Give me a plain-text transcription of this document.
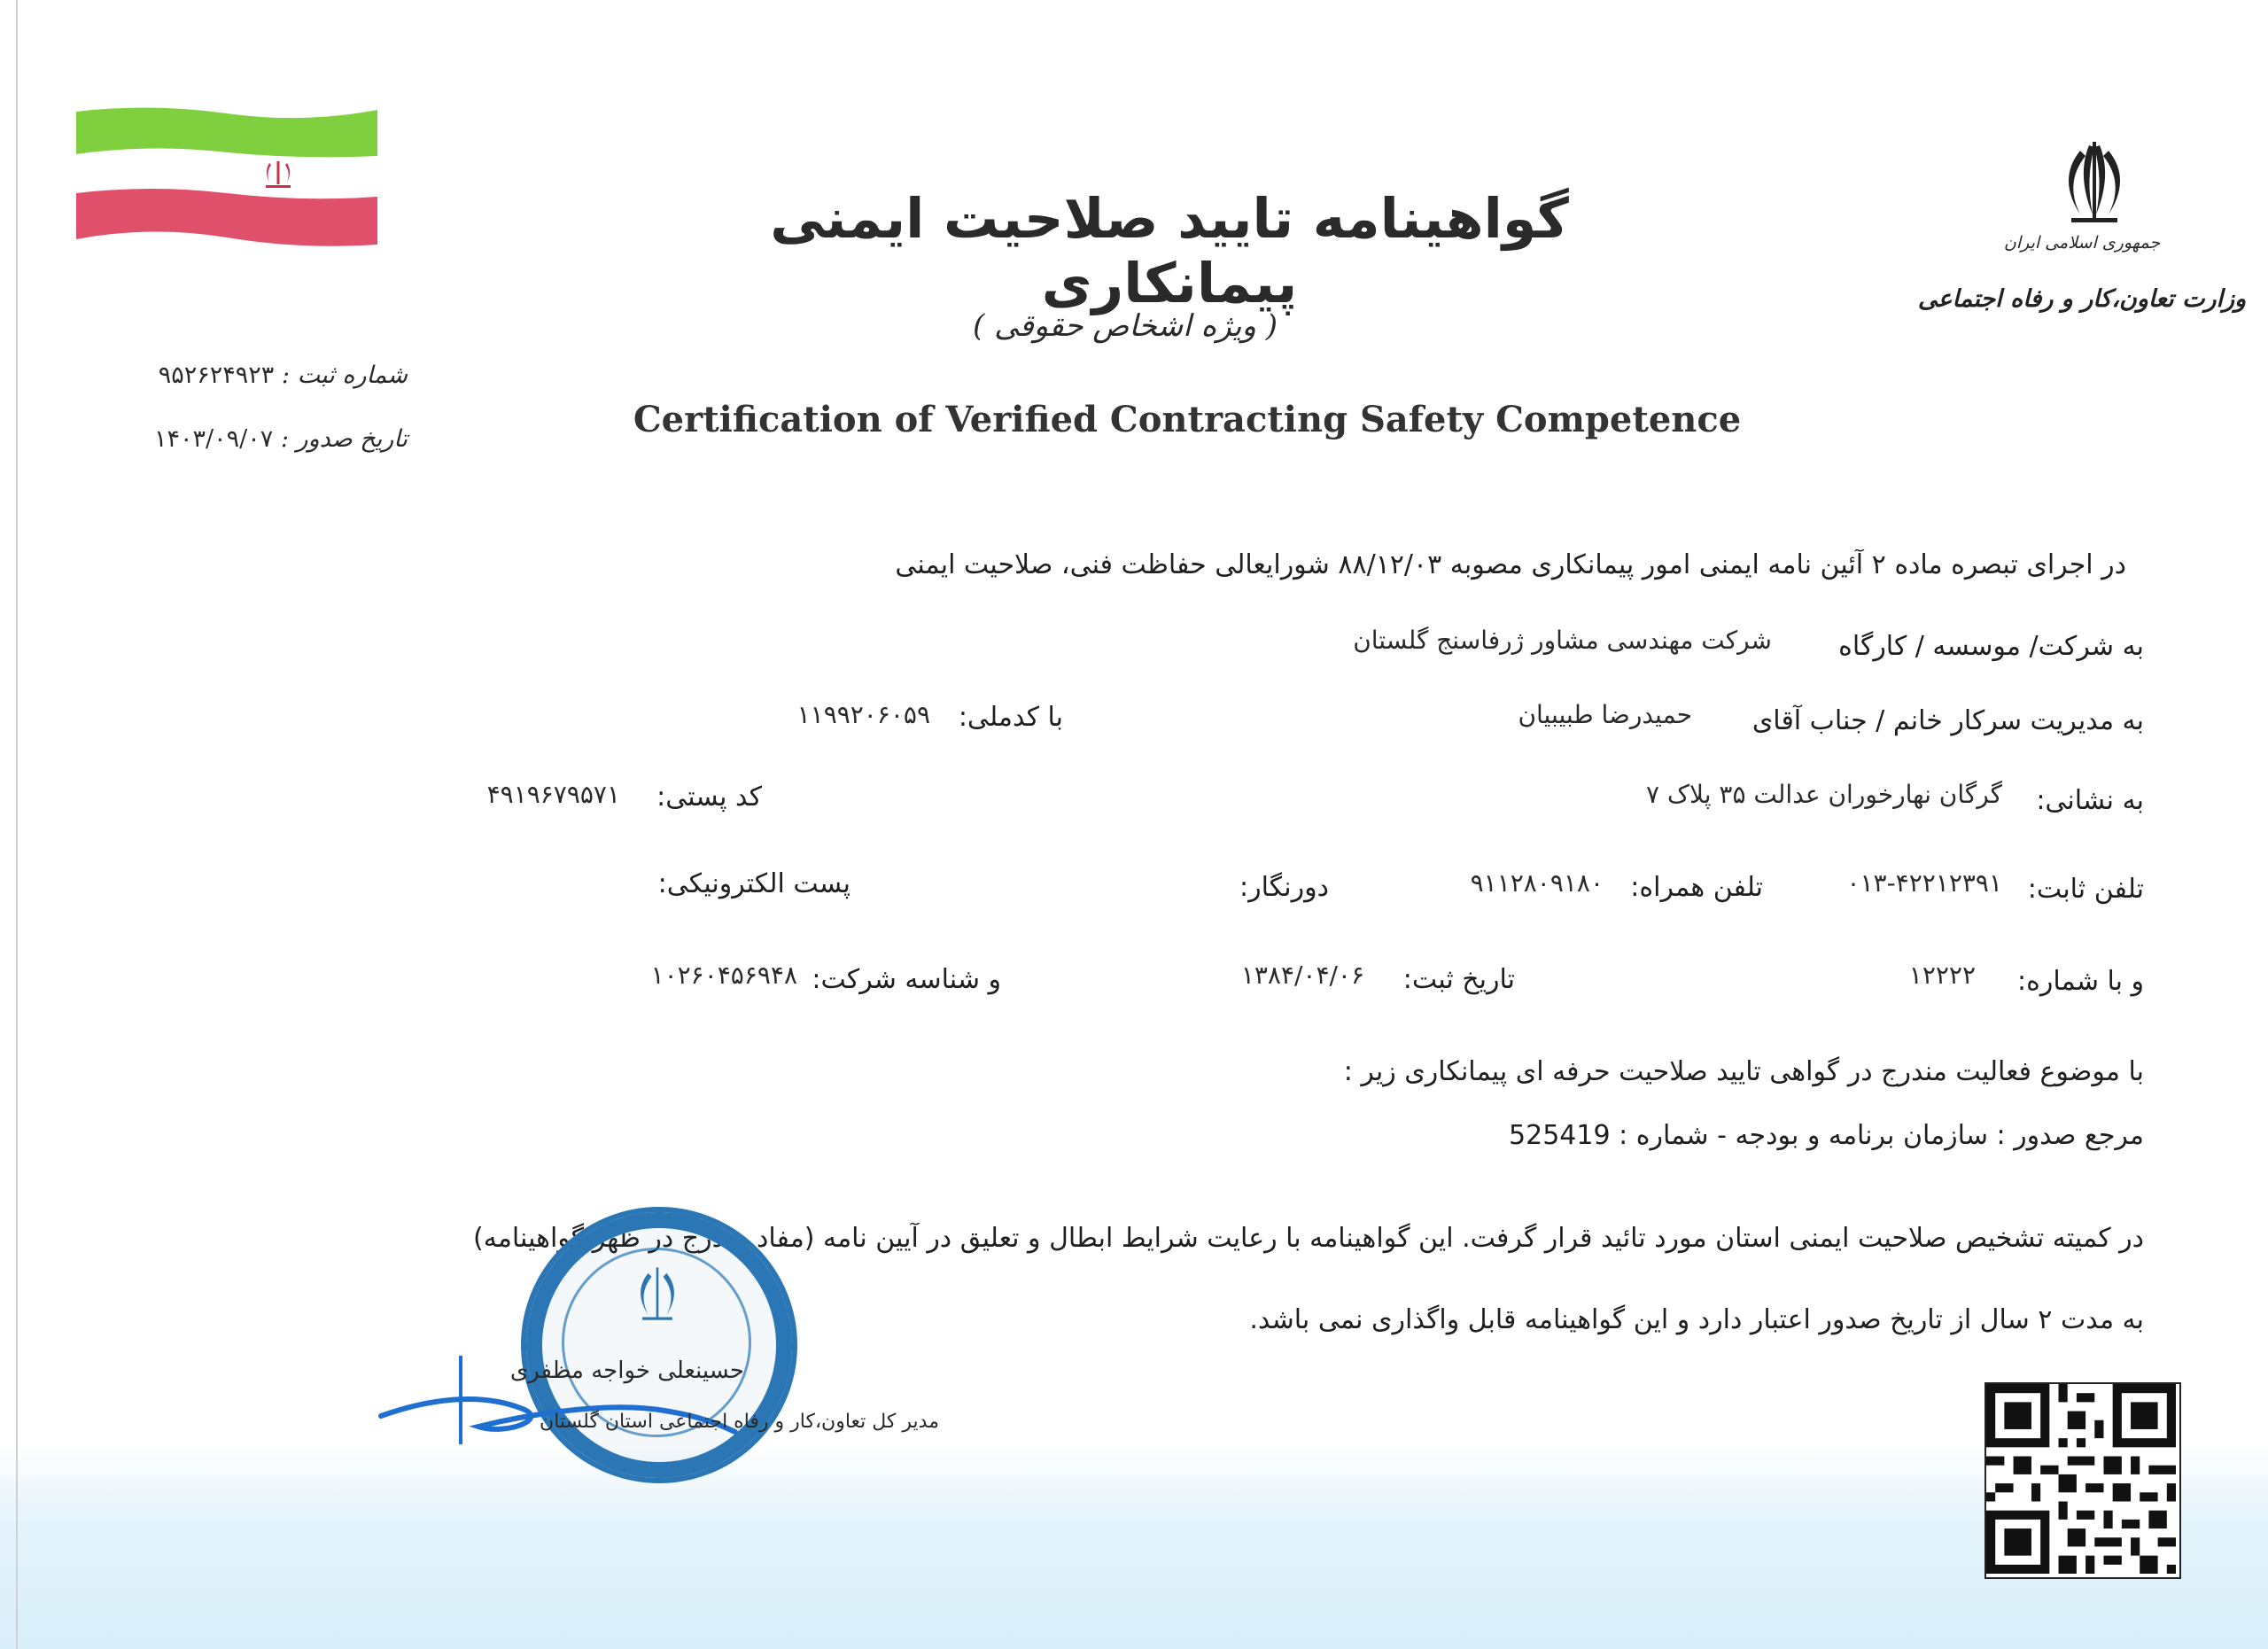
جمهوری اسلامی ایران
وزارت تعاون،کار و رفاه اجتماعی
گواهینامه تایید صلاحیت ایمنی پیمانکاری
( ویژه اشخاص حقوقی )
Certification of Verified Contracting Safety Competence
شماره ثبت : ۹۵۲۶۲۴۹۲۳
تاریخ صدور : ۱۴۰۳/۰۹/۰۷
در اجرای تبصره ماده ۲ آئین نامه ایمنی امور پیمانکاری مصوبه ۸۸/۱۲/۰۳ شورایعالی حفاظت فنی، صلاحیت ایمنی
به شرکت/ موسسه / کارگاه
شرکت مهندسی مشاور ژرفاسنج گلستان
به مدیریت سرکار خانم / جناب آقای
حمیدرضا طبیبیان
با کدملی:
۱۱۹۹۲۰۶۰۵۹
به نشانی:
گرگان نهارخوران عدالت ۳۵ پلاک ۷
کد پستی:
۴۹۱۹۶۷۹۵۷۱
تلفن ثابت:
۰۱۳-۴۲۲۱۲۳۹۱
تلفن همراه:
۹۱۱۲۸۰۹۱۸۰
دورنگار:
پست الکترونیکی:
و با شماره:
۱۲۲۲۲
تاریخ ثبت:
۱۳۸۴/۰۴/۰۶
و شناسه شرکت:
۱۰۲۶۰۴۵۶۹۴۸
با موضوع فعالیت مندرج در گواهی تایید صلاحیت حرفه ای پیمانکاری زیر :
مرجع صدور : سازمان برنامه و بودجه - شماره : 525419
در کمیته تشخیص صلاحیت ایمنی استان مورد تائید قرار گرفت. این گواهینامه با رعایت شرایط ابطال و تعلیق در آیین نامه (مفاد مندرج در ظهر گواهینامه)
به مدت ۲ سال از تاریخ صدور اعتبار دارد و این گواهینامه قابل واگذاری نمی باشد.
حسینعلی خواجه مظفری
مدیر کل تعاون،کار و رفاه اجتماعی استان گلستان
